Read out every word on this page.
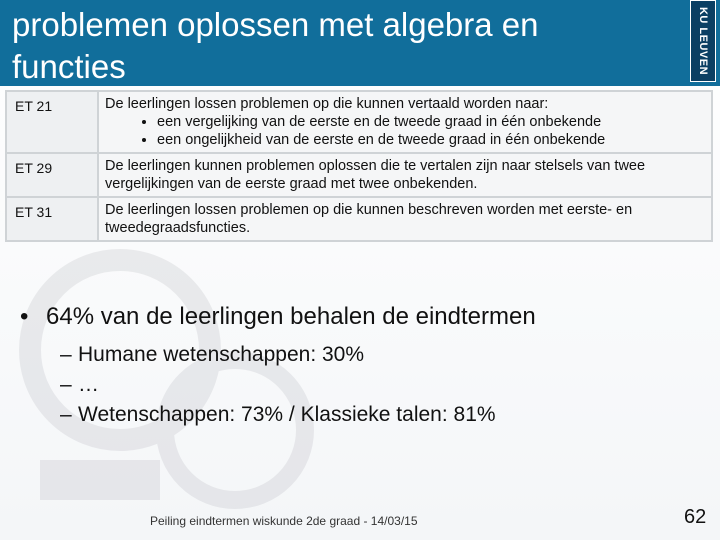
problemen oplossen met algebra en functies	KU LEUVEN
ET 21	De leerlingen lossen problemen op die kunnen vertaald worden naar:
• een vergelijking van de eerste en de tweede graad in één onbekende
• een ongelijkheid van de eerste en de tweede graad in één onbekende
ET 29	De leerlingen kunnen problemen oplossen die te vertalen zijn naar stelsels van twee vergelijkingen van de eerste graad met twee onbekenden.
ET 31	De leerlingen lossen problemen op die kunnen beschreven worden met eerste- en tweedegraadsfuncties.
• 64% van de leerlingen behalen de eindtermen
– Humane wetenschappen: 30%
– …
– Wetenschappen: 73% / Klassieke talen: 81%
Peiling eindtermen wiskunde 2de graad - 14/03/15	62
